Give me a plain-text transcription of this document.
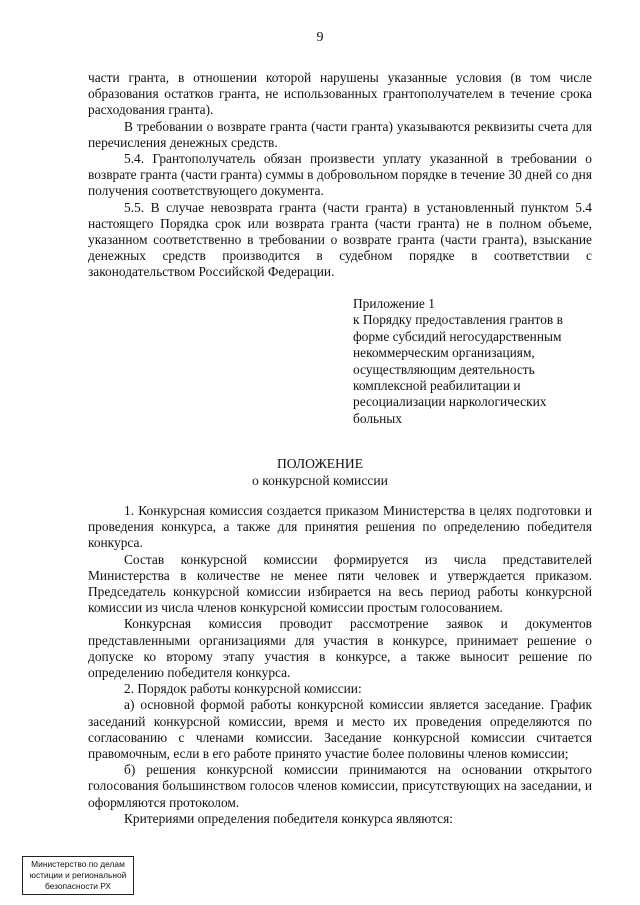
9

части гранта, в отношении которой нарушены указанные условия (в том числе образования остатков гранта, не использованных грантополучателем в течение срока расходования гранта).

В требовании о возврате гранта (части гранта) указываются реквизиты счета для перечисления денежных средств.

5.4. Грантополучатель обязан произвести уплату указанной в требовании о возврате гранта (части гранта) суммы в добровольном порядке в течение 30 дней со дня получения соответствующего документа.

5.5. В случае невозврата гранта (части гранта) в установленный пунктом 5.4 настоящего Порядка срок или возврата гранта (части гранта) не в полном объеме, указанном соответственно в требовании о возврате гранта (части гранта), взыскание денежных средств производится в судебном порядке в соответствии с законодательством Российской Федерации.

Приложение 1

к Порядку предоставления грантов в

форме субсидий негосударственным

некоммерческим организациям,

осуществляющим деятельность

комплексной реабилитации и

ресоциализации наркологических

больных

ПОЛОЖЕНИЕ

о конкурсной комиссии

1. Конкурсная комиссия создается приказом Министерства в целях подготовки и проведения конкурса, а также для принятия решения по определению победителя конкурса.

Состав конкурсной комиссии формируется из числа представителей Министерства в количестве не менее пяти человек и утверждается приказом. Председатель конкурсной комиссии избирается на весь период работы конкурсной комиссии из числа членов конкурсной комиссии простым голосованием.

Конкурсная комиссия проводит рассмотрение заявок и документов представленными организациями для участия в конкурсе, принимает решение о допуске ко второму этапу участия в конкурсе, а также выносит решение по определению победителя конкурса.

2. Порядок работы конкурсной комиссии:

а) основной формой работы конкурсной комиссии является заседание. График заседаний конкурсной комиссии, время и место их проведения определяются по согласованию с членами комиссии. Заседание конкурсной комиссии считается правомочным, если в его работе принято участие более половины членов комиссии;

б) решения конкурсной комиссии принимаются на основании открытого голосования большинством голосов членов комиссии, присутствующих на заседании, и оформляются протоколом.

Критериями определения победителя конкурса являются:

Министерство по делам
юстиции и региональной
безопасности РХ
